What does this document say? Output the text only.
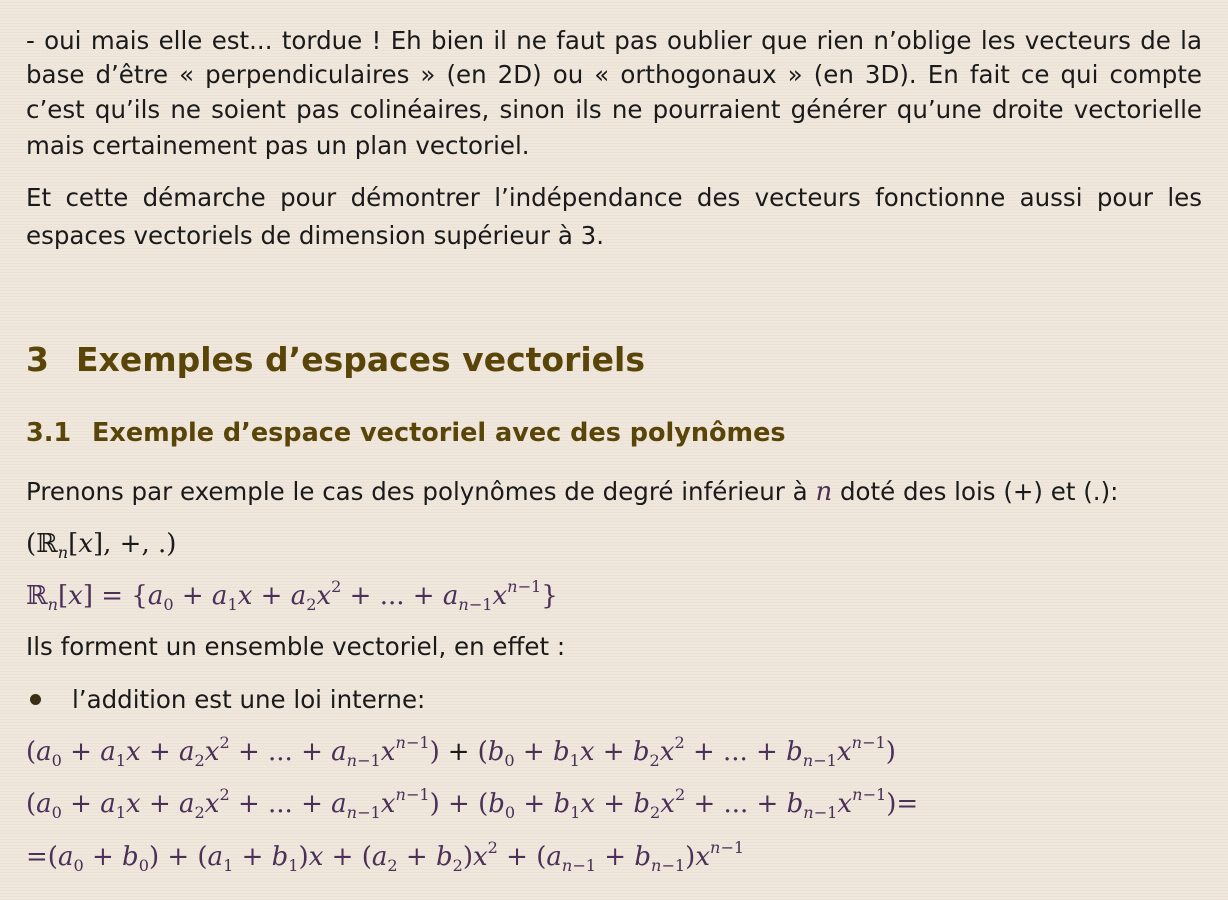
- oui mais elle est... tordue ! Eh bien il ne faut pas oublier que rien n’oblige les vecteurs de la
base d’être « perpendiculaires » (en 2D) ou « orthogonaux » (en 3D). En fait ce qui compte
c’est qu’ils ne soient pas colinéaires, sinon ils ne pourraient générer qu’une droite vectorielle
mais certainement pas un plan vectoriel.
Et cette démarche pour démontrer l’indépendance des vecteurs fonctionne aussi pour les
espaces vectoriels de dimension supérieur à 3.
3 Exemples d’espaces vectoriels
3.1 Exemple d’espace vectoriel avec des polynômes
Prenons par exemple le cas des polynômes de degré inférieur à n doté des lois (+) et (.):
(ℝ$_n$[x], +, .)
ℝ$_n$[x] = {$a_0 + a_1x + a_2x^2$ + ... + $a_{n-1}x^{n-1}$}
Ils forment un ensemble vectoriel, en effet :
l’addition est une loi interne:
($a_0 + a_1x + a_2x^2$ + ... + $a_{n-1}x^{n-1}) + (b_0 + b_1x + b_2x^2$ + ... + $b_{n-1}x^{n-1}$)
($a_0 + a_1x + a_2x^2$ + ... + $a_{n-1}x^{n-1}) + (b_0 + b_1x + b_2x^2$ + ... + $b_{n-1}x^{n-1})=$
$=(a_0 + b_0) + (a_1 + b_1)x + (a_2 + b_2)x^2 + (a_{n-1} + b_{n-1})x^{n-1}$
